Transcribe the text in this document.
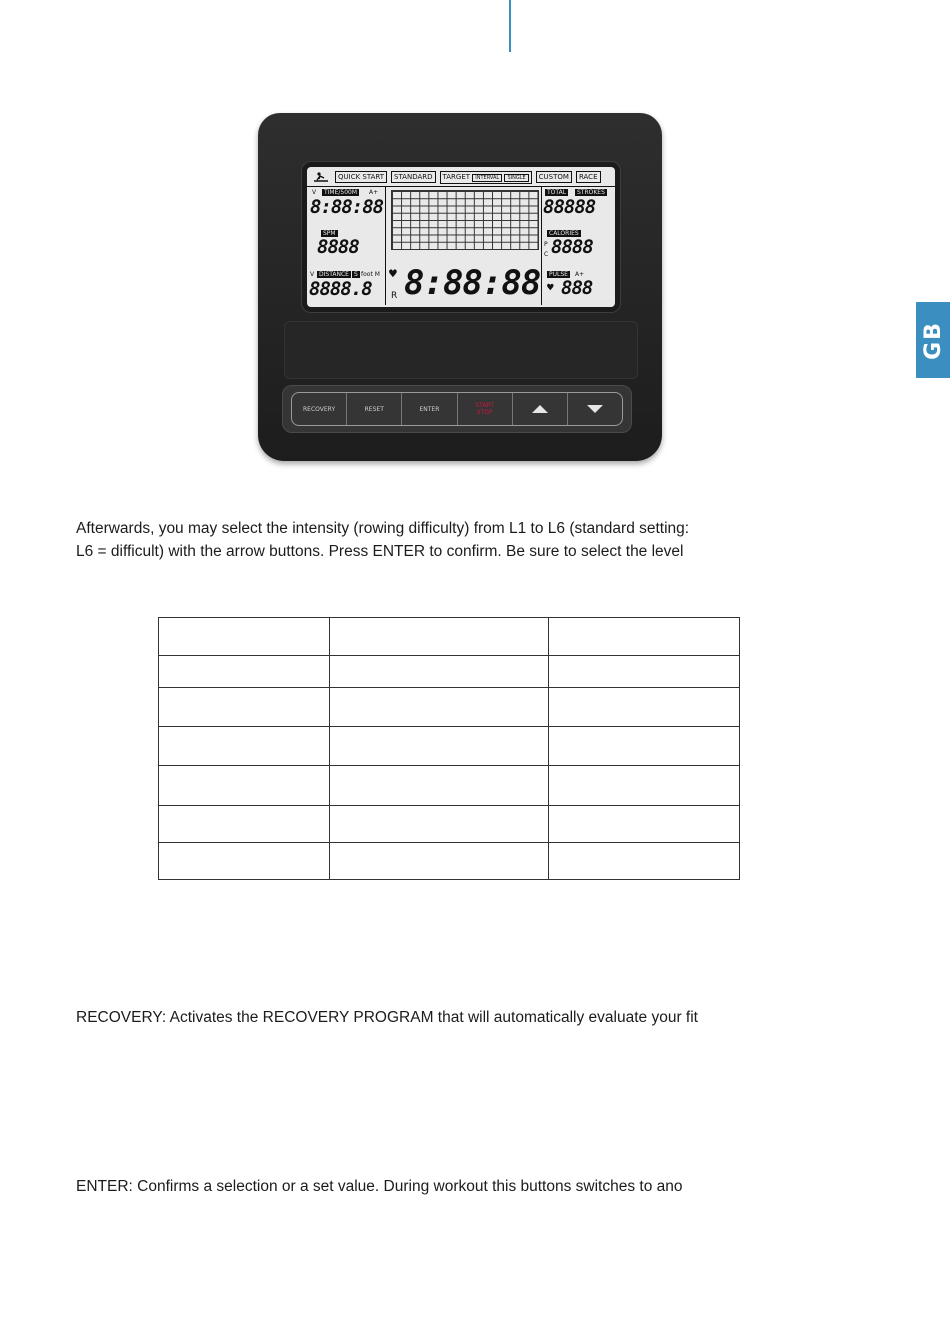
GB
QUICK START	STANDARD	TARGET INTERVAL SINGLE	CUSTOM	RACE
V	TIME/500M	A+
8:88:88
SPM
8888
V DISTANCE S foot M
8888.8
♥
R 8:88:88
TOTAL	STROKES
88888
CALORIES
P
C 8888
PULSE	A+
♥ 888
RECOVERY	RESET	ENTER	START
STOP
Afterwards, you may select the intensity (rowing difficulty) from L1 to L6 (standard setting:
L6 = difficult) with the arrow buttons. Press ENTER to confirm. Be sure to select the level

RECOVERY: Activates the RECOVERY PROGRAM that will automatically evaluate your fit
ENTER: Confirms a selection or a set value. During workout this buttons switches to ano
